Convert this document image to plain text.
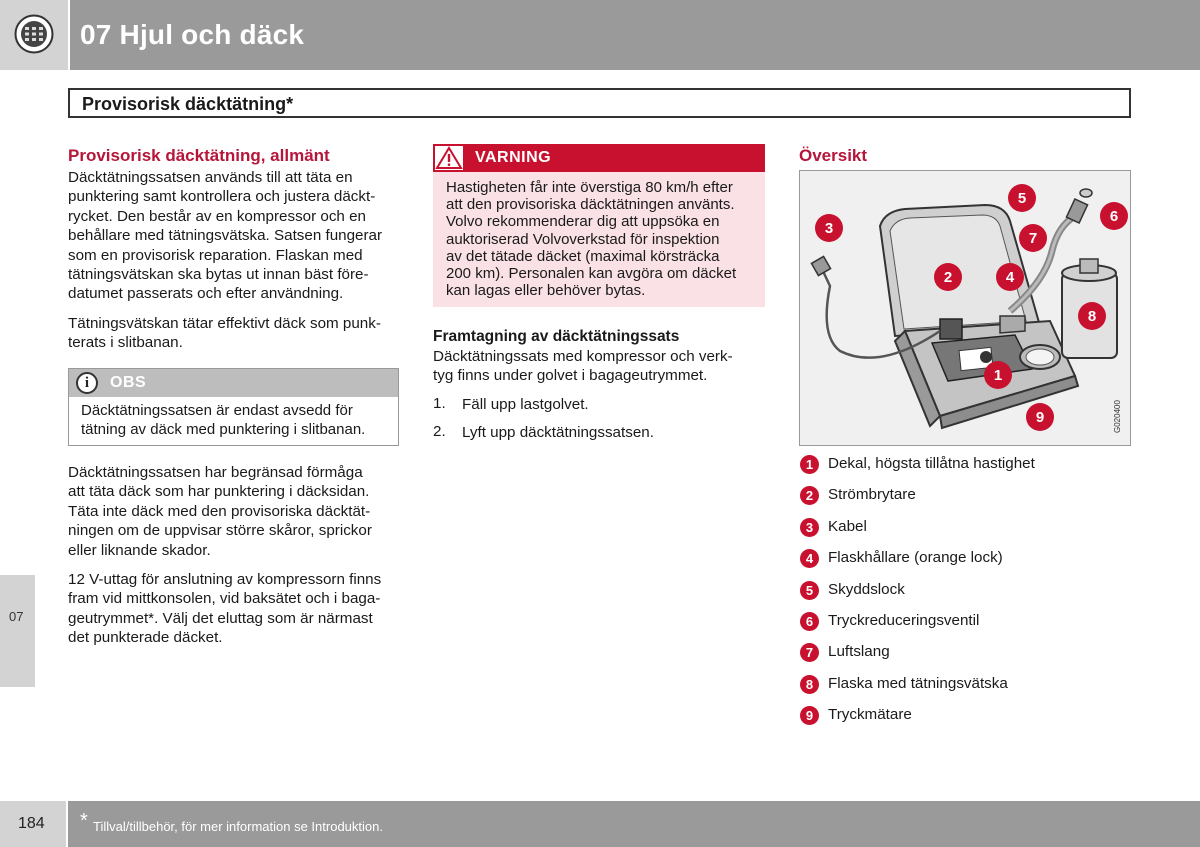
07 Hjul och däck
Provisorisk däcktätning*
Provisorisk däcktätning, allmänt
Däcktätningssatsen används till att täta en
punktering samt kontrollera och justera däckt-
rycket. Den består av en kompressor och en
behållare med tätningsvätska. Satsen fungerar
som en provisorisk reparation. Flaskan med
tätningsvätskan ska bytas ut innan bäst före-
datumet passerats och efter användning.
Tätningsvätskan tätar effektivt däck som punk-
terats i slitbanan.
i	OBS
Däcktätningssatsen är endast avsedd för
tätning av däck med punktering i slitbanan.
Däcktätningssatsen har begränsad förmåga
att täta däck som har punktering i däcksidan.
Täta inte däck med den provisoriska däcktät-
ningen om de uppvisar större skåror, sprickor
eller liknande skador.
12 V-uttag för anslutning av kompressorn finns
fram vid mittkonsolen, vid baksätet och i baga-
geutrymmet*. Välj det eluttag som är närmast
det punkterade däcket.
07
VARNING
Hastigheten får inte överstiga 80 km/h efter
att den provisoriska däcktätningen använts.
Volvo rekommenderar dig att uppsöka en
auktoriserad Volvoverkstad för inspektion
av det tätade däcket (maximal körsträcka
200 km). Personalen kan avgöra om däcket
kan lagas eller behöver bytas.
Framtagning av däcktätningssats
Däcktätningssats med kompressor och verk-
tyg finns under golvet i bagageutrymmet.
1. Fäll upp lastgolvet.
2. Lyft upp däcktätningssatsen.
Översikt
3
2	4
5
6
7
8
1
9	G020400
1 Dekal, högsta tillåtna hastighet
2 Strömbrytare
3 Kabel
4 Flaskhållare (orange lock)
5 Skyddslock
6 Tryckreduceringsventil
7 Luftslang
8 Flaska med tätningsvätska
9 Tryckmätare
184 * Tillval/tillbehör, för mer information se Introduktion.
